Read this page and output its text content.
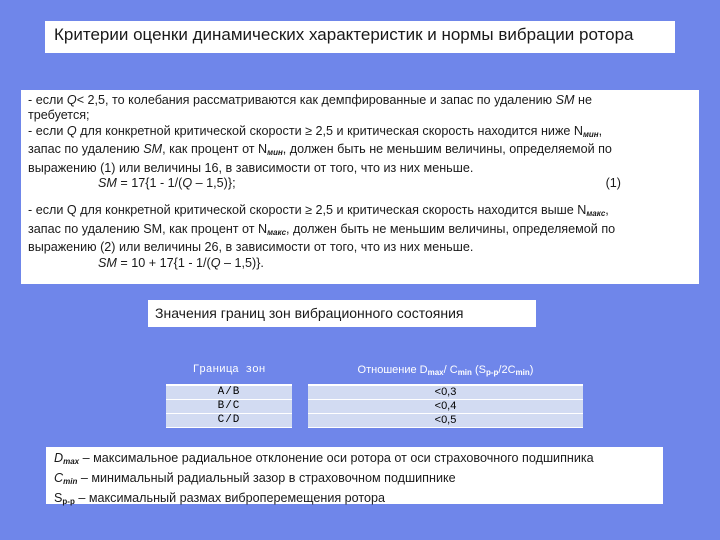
Критерии оценки динамических характеристик и нормы вибрации ротора

- если Q< 2,5, то колебания рассматриваются как демпфированные и запас по удалению SM не

требуется;

- если Q для конкретной критической скорости ≥ 2,5 и критическая скорость находится ниже $N_{мин}$,

запас по удалению SM, как процент от $N_{мин}$, должен быть не меньшим величины, определяемой по

выражению (1) или величины 16, в зависимости от того, что из них меньше.

SM = 17{1 - 1/(Q – 1,5)};	(1)

- если Q для конкретной критической скорости ≥ 2,5 и критическая скорость находится выше $N_{макс}$,

запас по удалению SM, как процент от $N_{макс}$, должен быть не меньшим величины, определяемой по

выражению (2) или величины 26, в зависимости от того, что из них меньше.

SM = 10 + 17{1 - 1/(Q – 1,5)}.

Значения границ зон вибрационного состояния
Граница зон	Отношение $D_{max}/$ $C_{min}$ $(S_{p-p}/2C_{min})$
A/B	<0,3
B/C	<0,4
C/D	<0,5

$D_{max}$ – максимальное радиальное отклонение оси ротора от оси страховочного подшипника

$C_{min}$ – минимальный радиальный зазор в страховочном подшипнике

$S_{p-p}$ – максимальный размах виброперемещения ротора
